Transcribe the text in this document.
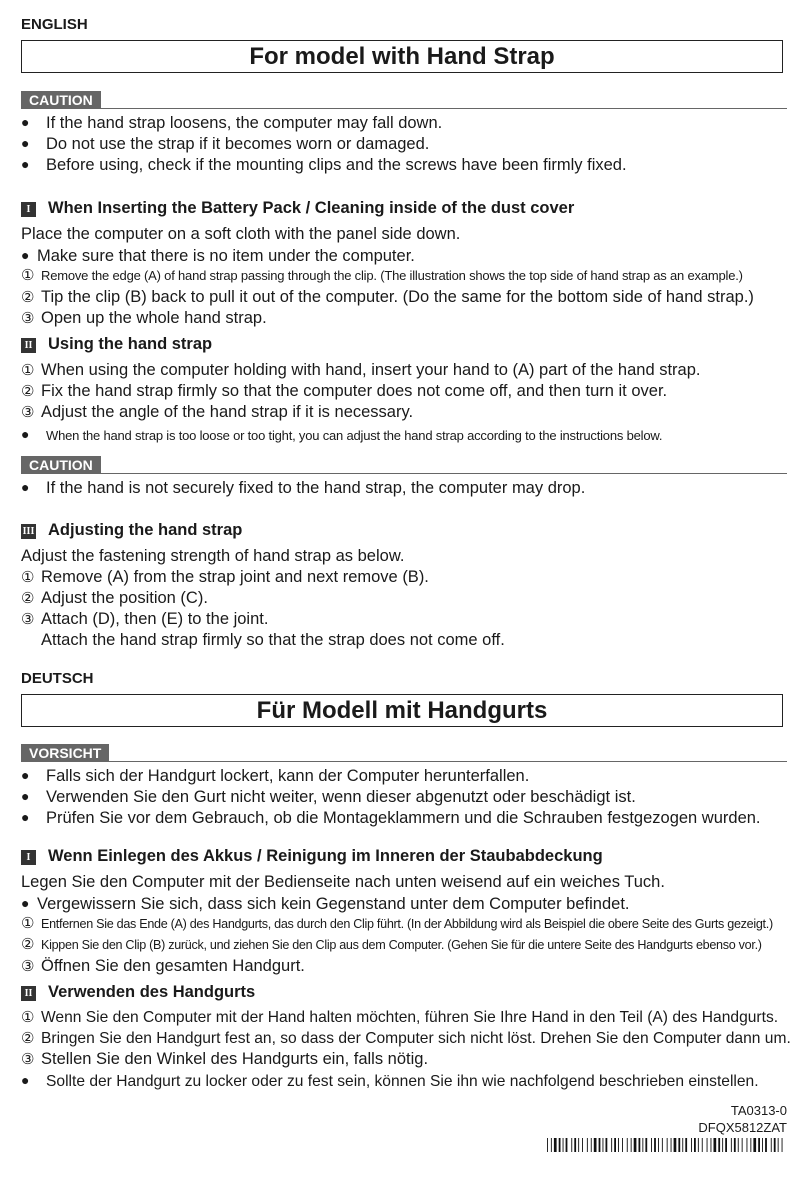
ENGLISH
For model with Hand Strap
CAUTION
● If the hand strap loosens, the computer may fall down.
● Do not use the strap if it becomes worn or damaged.
● Before using, check if the mounting clips and the screws have been firmly fixed.
I When Inserting the Battery Pack / Cleaning inside of the dust cover
Place the computer on a soft cloth with the panel side down.
● Make sure that there is no item under the computer.
① Remove the edge (A) of hand strap passing through the clip. (The illustration shows the top side of hand strap as an example.)
② Tip the clip (B) back to pull it out of the computer. (Do the same for the bottom side of hand strap.)
③ Open up the whole hand strap.
II Using the hand strap
① When using the computer holding with hand, insert your hand to (A) part of the hand strap.
② Fix the hand strap firmly so that the computer does not come off, and then turn it over.
③ Adjust the angle of the hand strap if it is necessary.
● When the hand strap is too loose or too tight, you can adjust the hand strap according to the instructions below.
CAUTION
● If the hand is not securely fixed to the hand strap, the computer may drop.
III Adjusting the hand strap
Adjust the fastening strength of hand strap as below.
① Remove (A) from the strap joint and next remove (B).
② Adjust the position (C).
③ Attach (D), then (E) to the joint.
Attach the hand strap firmly so that the strap does not come off.
DEUTSCH
Für Modell mit Handgurts
VORSICHT
● Falls sich der Handgurt lockert, kann der Computer herunterfallen.
● Verwenden Sie den Gurt nicht weiter, wenn dieser abgenutzt oder beschädigt ist.
● Prüfen Sie vor dem Gebrauch, ob die Montageklammern und die Schrauben festgezogen wurden.
I Wenn Einlegen des Akkus / Reinigung im Inneren der Staubabdeckung
Legen Sie den Computer mit der Bedienseite nach unten weisend auf ein weiches Tuch.
● Vergewissern Sie sich, dass sich kein Gegenstand unter dem Computer befindet.
① Entfernen Sie das Ende (A) des Handgurts, das durch den Clip führt. (In der Abbildung wird als Beispiel die obere Seite des Gurts gezeigt.)
② Kippen Sie den Clip (B) zurück, und ziehen Sie den Clip aus dem Computer. (Gehen Sie für die untere Seite des Handgurts ebenso vor.)
③ Öffnen Sie den gesamten Handgurt.
II Verwenden des Handgurts
① Wenn Sie den Computer mit der Hand halten möchten, führen Sie Ihre Hand in den Teil (A) des Handgurts.
② Bringen Sie den Handgurt fest an, so dass der Computer sich nicht löst. Drehen Sie den Computer dann um.
③ Stellen Sie den Winkel des Handgurts ein, falls nötig.
● Sollte der Handgurt zu locker oder zu fest sein, können Sie ihn wie nachfolgend beschrieben einstellen.
TA0313-0
DFQX5812ZAT
